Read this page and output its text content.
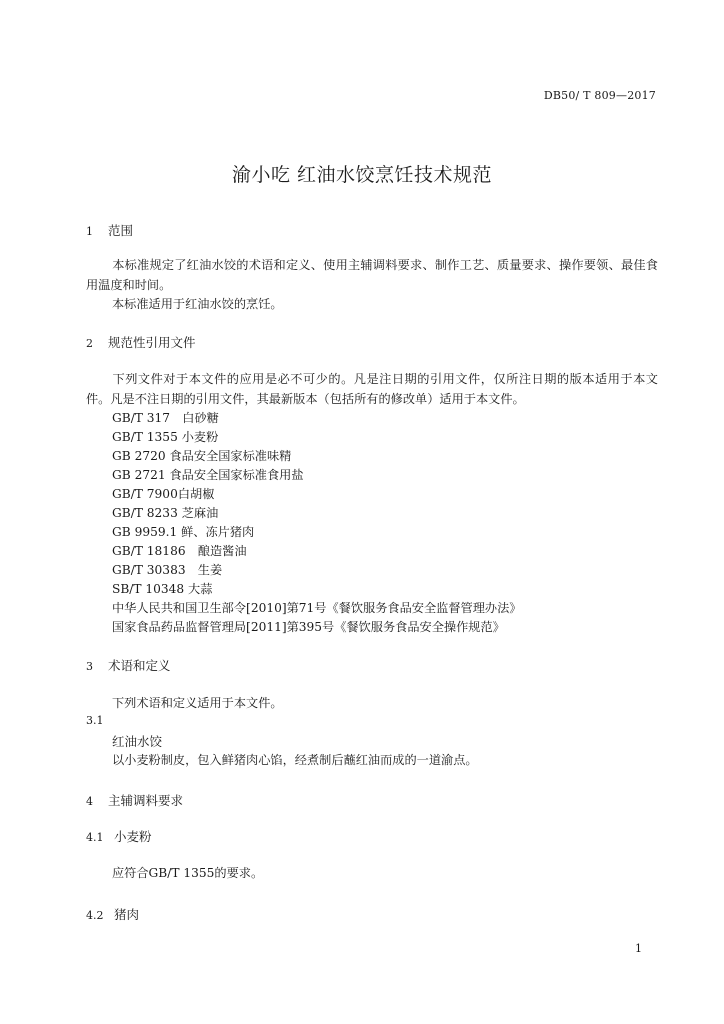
DB50/ T 809—2017
渝小吃 红油水饺烹饪技术规范
1 范围
本标准规定了红油水饺的术语和定义、使用主辅调料要求、制作工艺、质量要求、操作要领、最佳食用温度和时间。
本标准适用于红油水饺的烹饪。
2 规范性引用文件
下列文件对于本文件的应用是必不可少的。凡是注日期的引用文件，仅所注日期的版本适用于本文件。凡是不注日期的引用文件，其最新版本（包括所有的修改单）适用于本文件。
GB/T 317　白砂糖
GB/T 1355 小麦粉
GB 2720 食品安全国家标准味精
GB 2721 食品安全国家标准食用盐
GB/T 7900白胡椒
GB/T 8233 芝麻油
GB 9959.1 鲜、冻片猪肉
GB/T 18186　酿造酱油
GB/T 30383　生姜
SB/T 10348 大蒜
中华人民共和国卫生部令[2010]第71号《餐饮服务食品安全监督管理办法》
国家食品药品监督管理局[2011]第395号《餐饮服务食品安全操作规范》
3 术语和定义
下列术语和定义适用于本文件。
3.1
红油水饺
以小麦粉制皮，包入鲜猪肉心馅，经煮制后蘸红油而成的一道渝点。
4 主辅调料要求
4.1 小麦粉
应符合GB/T 1355的要求。
4.2 猪肉
1
